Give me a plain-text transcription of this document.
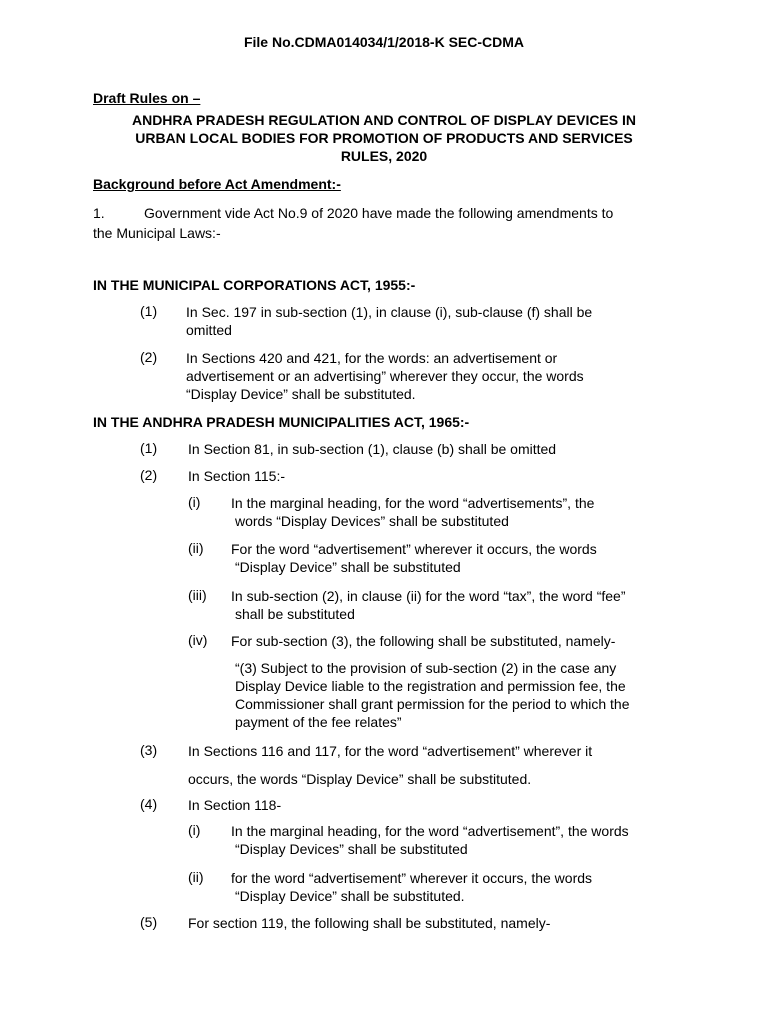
File No.CDMA014034/1/2018-K SEC-CDMA
Draft Rules on –
ANDHRA PRADESH REGULATION AND CONTROL OF DISPLAY DEVICES IN
URBAN LOCAL BODIES FOR PROMOTION OF PRODUCTS AND SERVICES
RULES, 2020
Background before Act Amendment:-
1.	Government vide Act No.9 of 2020 have made the following amendments to
the Municipal Laws:-
IN THE MUNICIPAL CORPORATIONS ACT, 1955:-
(1) In Sec. 197 in sub-section (1), in clause (i), sub-clause (f) shall be
omitted
(2) In Sections 420 and 421, for the words: an advertisement or
advertisement or an advertising” wherever they occur, the words
“Display Device” shall be substituted.
IN THE ANDHRA PRADESH MUNICIPALITIES ACT, 1965:-
(1) In Section 81, in sub-section (1), clause (b) shall be omitted
(2) In Section 115:-
(i) In the marginal heading, for the word “advertisements”, the
words “Display Devices” shall be substituted
(ii) For the word “advertisement” wherever it occurs, the words
“Display Device” shall be substituted
(iii) In sub-section (2), in clause (ii) for the word “tax”, the word “fee”
shall be substituted
(iv) For sub-section (3), the following shall be substituted, namely-
“(3) Subject to the provision of sub-section (2) in the case any
Display Device liable to the registration and permission fee, the
Commissioner shall grant permission for the period to which the
payment of the fee relates”
(3) In Sections 116 and 117, for the word “advertisement” wherever it
occurs, the words “Display Device” shall be substituted.
(4) In Section 118-
(i) In the marginal heading, for the word “advertisement”, the words
“Display Devices” shall be substituted
(ii) for the word “advertisement” wherever it occurs, the words
“Display Device” shall be substituted.
(5) For section 119, the following shall be substituted, namely-
